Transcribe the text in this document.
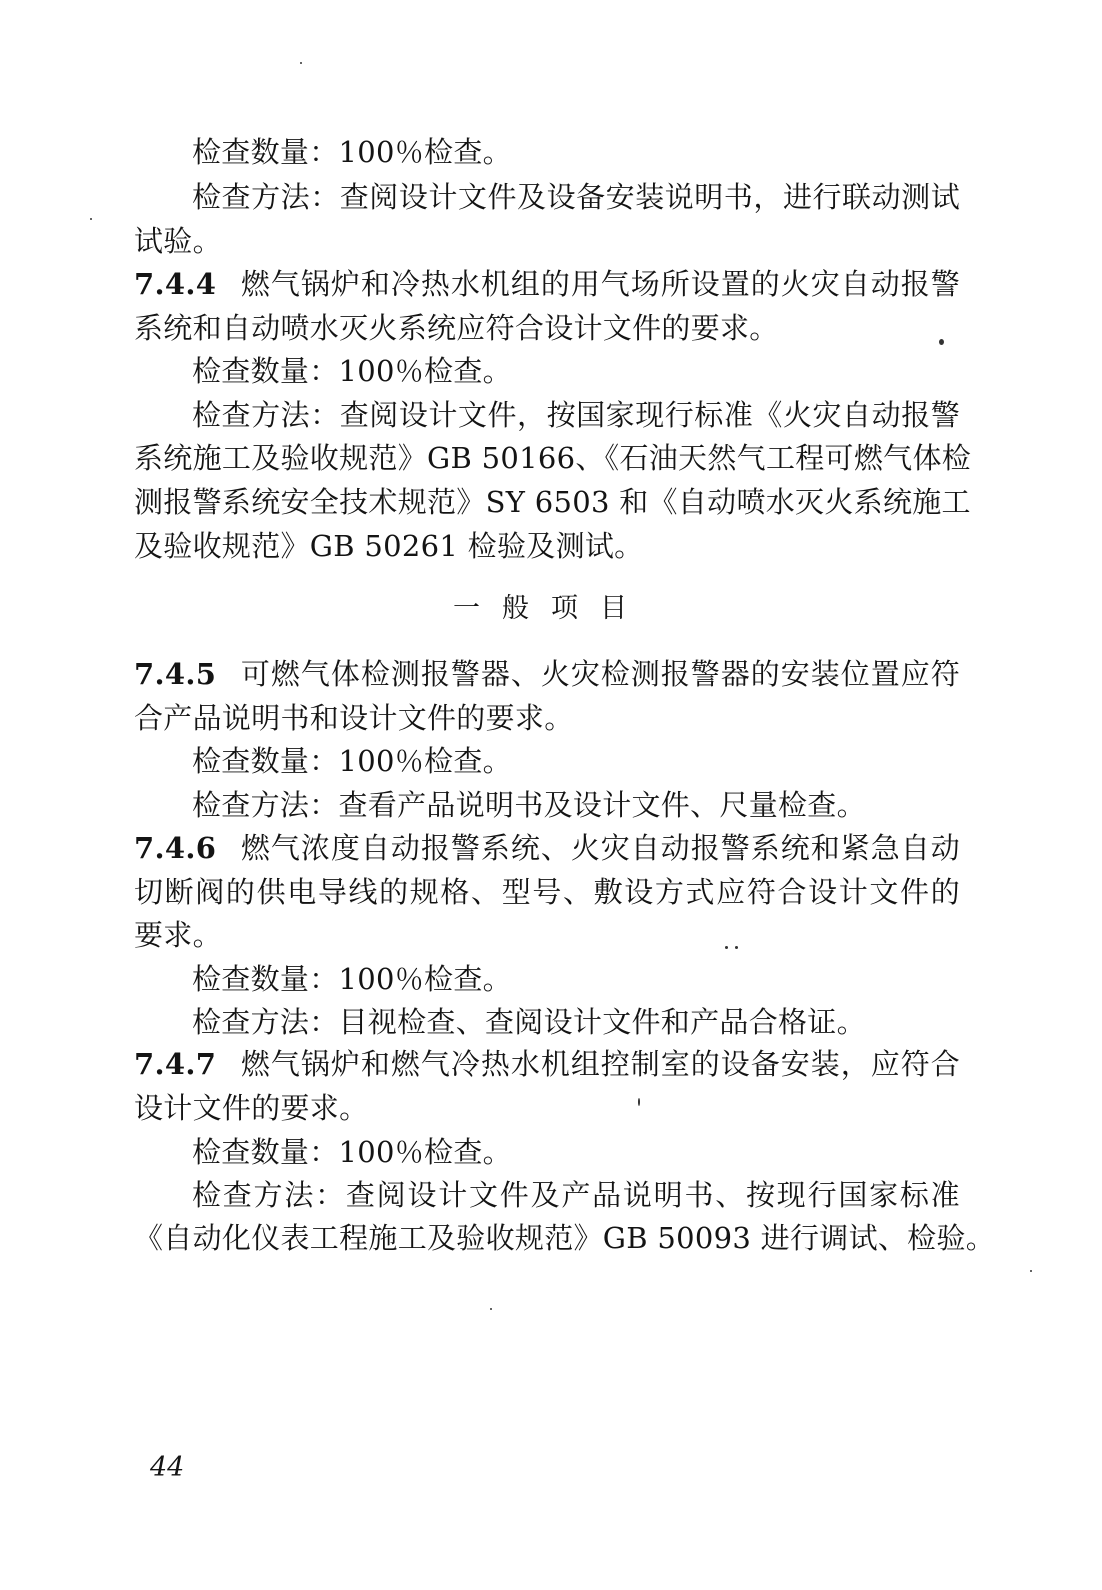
检查数量：100％检查。
检查方法：查阅设计文件及设备安装说明书，进行联动测试
试验。
7.4.4 燃气锅炉和冷热水机组的用气场所设置的火灾自动报警
系统和自动喷水灭火系统应符合设计文件的要求。
检查数量：100％检查。
检查方法：查阅设计文件，按国家现行标准《火灾自动报警
系统施工及验收规范》GB 50166、《石油天然气工程可燃气体检
测报警系统安全技术规范》SY 6503 和《自动喷水灭火系统施工
及验收规范》GB 50261 检验及测试。
一般项目
7.4.5 可燃气体检测报警器、火灾检测报警器的安装位置应符
合产品说明书和设计文件的要求。
检查数量：100％检查。
检查方法：查看产品说明书及设计文件、尺量检查。
7.4.6 燃气浓度自动报警系统、火灾自动报警系统和紧急自动
切断阀的供电导线的规格、型号、敷设方式应符合设计文件的
要求。
检查数量：100％检查。
检查方法：目视检查、查阅设计文件和产品合格证。
7.4.7 燃气锅炉和燃气冷热水机组控制室的设备安装，应符合
设计文件的要求。
检查数量：100％检查。
检查方法：查阅设计文件及产品说明书、按现行国家标准
《自动化仪表工程施工及验收规范》GB 50093 进行调试、检验。
44
